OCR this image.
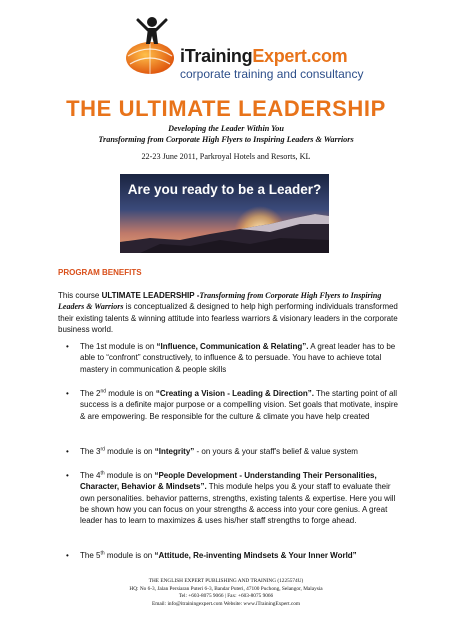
iTrainingExpert.com
corporate training and consultancy
THE ULTIMATE LEADERSHIP
Developing the Leader Within You
Transforming from Corporate High Flyers to Inspiring Leaders & Warriors
22-23 June 2011, Parkroyal Hotels and Resorts, KL
Are you ready to be a Leader?
PROGRAM BENEFITS

This course ULTIMATE LEADERSHIP -Transforming from Corporate High Flyers to Inspiring Leaders & Warriors is conceptualized & designed to help high performing individuals transformed their existing talents & winning attitude into fearless warriors & visionary leaders in the corporate business world.

• The 1st module is on “Influence, Communication & Relating”. A great leader has to be able to “confront” constructively, to influence & to persuade. You have to achieve total mastery in communication & people skills
• The 2nd module is on “Creating a Vision - Leading & Direction”. The starting point of all success is a definite major purpose or a compelling vision. Set goals that motivate, inspire & are empowering. Be responsible for the culture & climate you have help created
• The 3rd module is on “Integrity” - on yours & your staff's belief & value system
• The 4th module is on “People Development - Understanding Their Personalities, Character, Behavior & Mindsets”. This module helps you & your staff to evaluate their own personalities. behavior patterns, strengths, existing talents & expertise. Here you will be shown how you can focus on your strengths & access into your core genius. A great leader has to learn to maximizes & uses his/her staff strengths to forge ahead.
• The 5th module is on “Attitude, Re-inventing Mindsets & Your Inner World”
THE ENGLISH EXPERT PUBLISHING AND TRAINING (1225574U)
HQ: No 6-3, Jalan Persiaran Puteri 6-3, Bandar Puteri, 47100 Puchong, Selangor, Malaysia
Tel: +603-8075 9066 | Fax: +603-8075 9066
Email: info@itrainingexpert.com Website: www.iTrainingExpert.com
